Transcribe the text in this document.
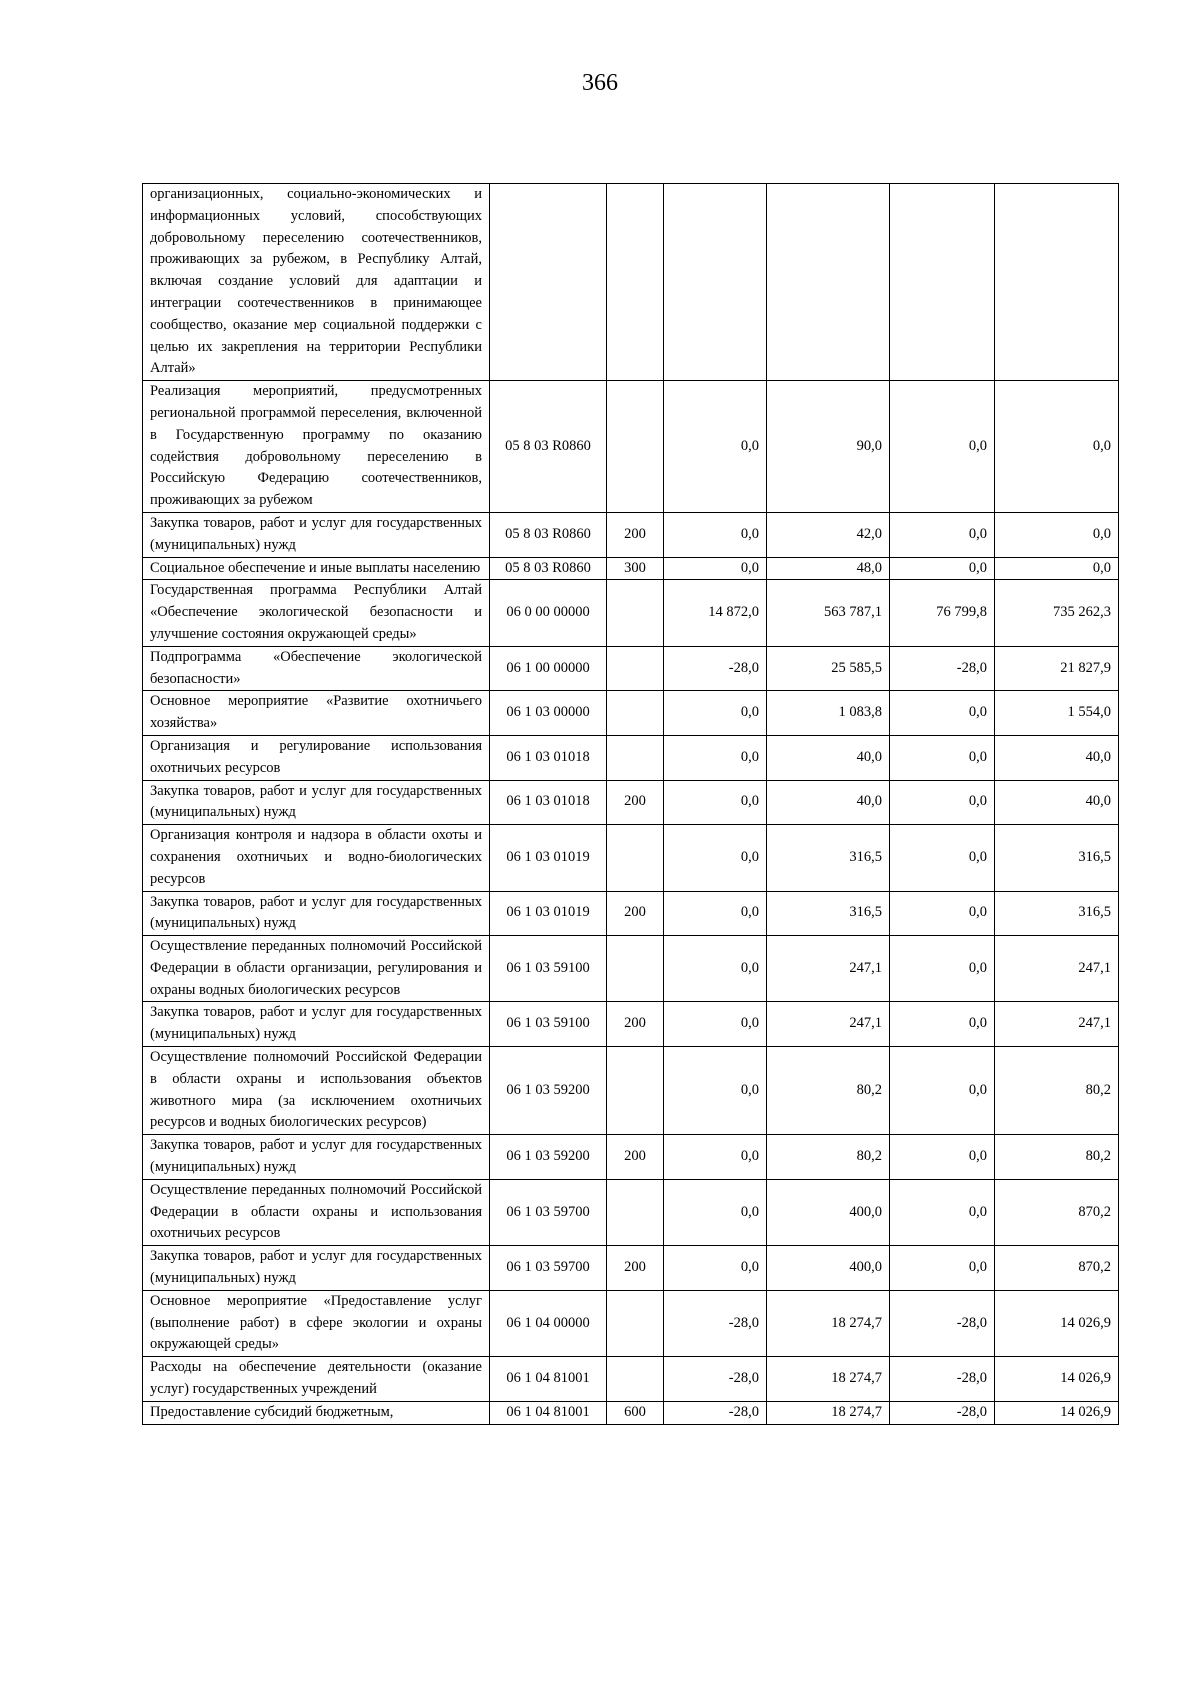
366
организационных, социально-экономических и информационных условий, способствующих добровольному переселению соотечественников, проживающих за рубежом, в Республику Алтай, включая создание условий для адаптации и интеграции соотечественников в принимающее сообщество, оказание мер социальной поддержки с целью их закрепления на территории Республики Алтай»						
Реализация мероприятий, предусмотренных региональной программой переселения, включенной в Государственную программу по оказанию содействия добровольному переселению в Российскую Федерацию соотечественников, проживающих за рубежом	05 8 03 R0860		0,0	90,0	0,0	0,0
Закупка товаров, работ и услуг для государственных (муниципальных) нужд	05 8 03 R0860	200	0,0	42,0	0,0	0,0
Социальное обеспечение и иные выплаты населению	05 8 03 R0860	300	0,0	48,0	0,0	0,0
Государственная программа Республики Алтай «Обеспечение экологической безопасности и улучшение состояния окружающей среды»	06 0 00 00000		14 872,0	563 787,1	76 799,8	735 262,3
Подпрограмма «Обеспечение экологической безопасности»	06 1 00 00000		-28,0	25 585,5	-28,0	21 827,9
Основное мероприятие «Развитие охотничьего хозяйства»	06 1 03 00000		0,0	1 083,8	0,0	1 554,0
Организация и регулирование использования охотничьих ресурсов	06 1 03 01018		0,0	40,0	0,0	40,0
Закупка товаров, работ и услуг для государственных (муниципальных) нужд	06 1 03 01018	200	0,0	40,0	0,0	40,0
Организация контроля и надзора в области охоты и сохранения охотничьих и водно-биологических ресурсов	06 1 03 01019		0,0	316,5	0,0	316,5
Закупка товаров, работ и услуг для государственных (муниципальных) нужд	06 1 03 01019	200	0,0	316,5	0,0	316,5
Осуществление переданных полномочий Российской Федерации в области организации, регулирования и охраны водных биологических ресурсов	06 1 03 59100		0,0	247,1	0,0	247,1
Закупка товаров, работ и услуг для государственных (муниципальных) нужд	06 1 03 59100	200	0,0	247,1	0,0	247,1
Осуществление полномочий Российской Федерации в области охраны и использования объектов животного мира (за исключением охотничьих ресурсов и водных биологических ресурсов)	06 1 03 59200		0,0	80,2	0,0	80,2
Закупка товаров, работ и услуг для государственных (муниципальных) нужд	06 1 03 59200	200	0,0	80,2	0,0	80,2
Осуществление переданных полномочий Российской Федерации в области охраны и использования охотничьих ресурсов	06 1 03 59700		0,0	400,0	0,0	870,2
Закупка товаров, работ и услуг для государственных (муниципальных) нужд	06 1 03 59700	200	0,0	400,0	0,0	870,2
Основное мероприятие «Предоставление услуг (выполнение работ) в сфере экологии и охраны окружающей среды»	06 1 04 00000		-28,0	18 274,7	-28,0	14 026,9
Расходы на обеспечение деятельности (оказание услуг) государственных учреждений	06 1 04 81001		-28,0	18 274,7	-28,0	14 026,9
Предоставление субсидий бюджетным,	06 1 04 81001	600	-28,0	18 274,7	-28,0	14 026,9
